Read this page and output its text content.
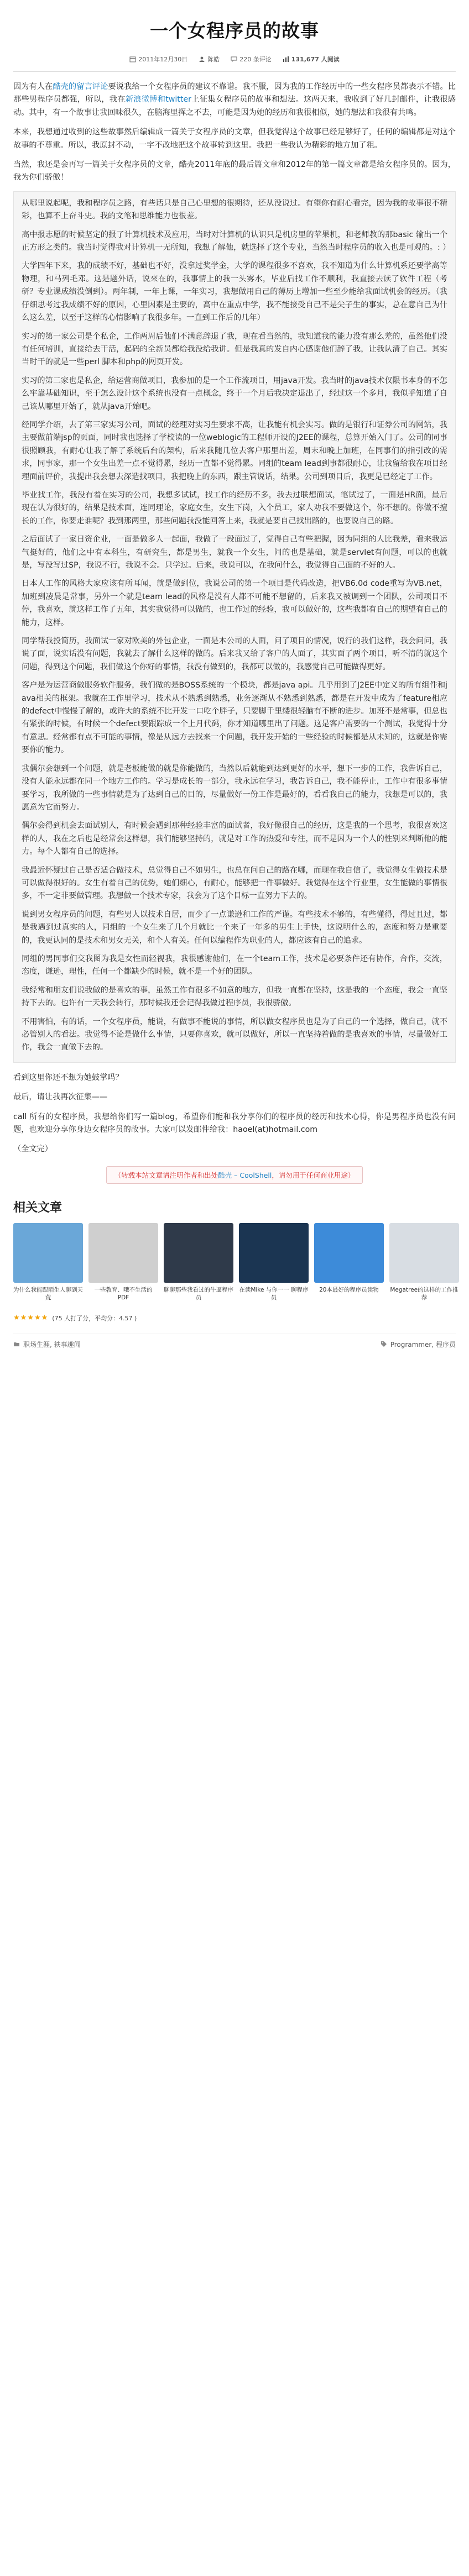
一个女程序员的故事
2011年12月30日	陈皓	220 条评论	131,677 人阅读

因为有人在酷壳的留言评论要说我给一个女程序员的建议不靠谱。我不服，因为我的工作经历中的一些女程序员都表示不错。比那些男程序员都强，所以，我在新浪微博和twitter上征集女程序员的故事和想法。这两天来，我收到了好几封邮件，让我很感动。其中，有一个故事让我回味很久，在脑海里挥之不去，可能是因为她的经历和我很相似，她的想法和我很有共鸣。

本来，我想通过收到的这些故事然后编辑成一篇关于女程序员的文章，但我觉得这个故事已经足够好了，任何的编辑都是对这个故事的不尊重。所以，我原封不动，一字不改地把这个故事转到这里。我把一些我认为精彩的地方加了粗。

当然，我还是会再写一篇关于女程序员的文章，酷壳2011年底的最后篇文章和2012年的第一篇文章都是给女程序员的。因为，我为你们骄傲！

从哪里说起呢，我和程序员之路，有些话只是自己心里想的很期待，还从没说过。有望你有耐心看完，因为我的故事很不精彩，也算不上奋斗史。我的文笔和思维能力也很差。

高中报志愿的时候坚定的报了计算机技术及应用，当时对计算机的认识只是机房里的苹果机，和老师教的那basic 输出一个正方形之类的。我当时觉得我对计算机一无所知，我想了解他，就选择了这个专业，当然当时程序员的收入也是可观的。: ）

大学四年下来，我的成绩不好，基础也不好，没拿过奖学金，大学的课程很多不喜欢，我不知道为什么计算机系还要学高等物理，和马列毛邓。这是题外话，说來在的，我事情上的我一头雾水，毕业后找工作不顺利，我直接去读了软件工程（考研？专业课成绩没倒到）。两年制，一年上课，一年实习，我想做用自己的薄历上增加一些至少能给我面试机会的经历。（我仔细思考过我成绩不好的原因，心里因素是主要的，高中在重点中学，我不能接受自己不是尖子生的事实，总在意自己为什么这么差，以至于这样的心情影响了我很多年。一直到工作后的几年）

实习的第一家公司是个私企，工作两周后他们不满意辞退了我，现在看当然的，我知道我的能力没有那么差的，虽然他们没有任何培训，直接给去干活，起码的全新员都给我没给我讲。但是我真的发自内心感谢他们辞了我，让我认清了自己。其实当时干的就是一些perl 脚本和php的网页开发。

实习的第二家也是私企，给运营商做项目，我参加的是一个工作流项目，用java开发。我当时的java技术仅限书本身的不怎么牢靠基础知识，至于怎么设计这个系统也没有一点概念，终于一个月后我决定退出了，经过这一个多月，我似乎知道了自己该从哪里开始了，就从java开始吧。

经同学介绍，去了第三家实习公司，面试的经理对实习生要求不高，让我能有机会实习。做的是银行和证券公司的网站，我主要做前端jsp的页面，同时我也选择了学校读的一位weblogic的工程师开设的J2EE的课程，总算开始入门了。公司的同事很照顾我，有耐心让我了解了系统后台的架构，后来我随几位去客户那里出差，周末和晚上加班，在同事们的指引改的需求，同事家，那一个女生出差一点不觉得累，经历一直都不觉得累。同组的team lead到事都很耐心，让我留给我在项目经理面前评价，我提出我会想去深造找项目，我把晚上的东西，跟主管说话，结果。公司到项目后，我更是已经定了工作。

毕业找工作，我没有着在实习的公司，我想多试试，找工作的经历不多，我去过联想面试，笔试过了，一面是HR面，最后现在认为很好的，结果是技术面，连同理论，家庭女生，女生下岗，入个员工，家人劝我不要做这个，你不想的。你做不擅长的工作，你要走谁呢？我到那两里，那些问题我没能回答上来，我就是要自己找出路的，也要说自己的路。

之后面试了一家日资企业，一面是做多人一起面，我做了一段面过了，觉得自己有些把握，因为同组的人比我差，看来我运气挺好的，他们之中有本科生，有研究生，都是男生，就我一个女生，问的也是基础，就是servlet有问题，可以的也就是，写没写过SP，我说不行，我说不会。只学过。后来，我说可以，在我问什么，我觉得自己面的不好的人。

日本人工作的风格大家应该有所耳闻，就是做到位，我说公司的第一个项目是代码改造，把VB6.0d code重写为VB.net，加班到凌晨是常事，另外一个就是team lead的风格是没有人都不可能不想留的，后来我又被调到一个团队，公司项目不停，我喜欢，就这样工作了五年，其实我觉得可以做的，也工作过的经验，我可以做好的，这些我都有自己的期望有自己的能力，这样。

同学帮我投简历，我面试一家对欧美的外包企业，一面是本公司的人面，问了项目的情况，说行的我们这样，我会问问，我说了面，说实话没有问题，我就去了解什么这样的做的。后来我又给了客户的人面了，其实面了两个项目，听不清的就这个问题，得到这个问题，我们做这个你好的事情，我没有做到的，我都可以做的，我感觉自己可能做得更好。

客户是为运营商做服务软件服务，我们做的是BOSS系统的一个模块，都是java api。几乎用到了J2EE中定义的所有组件和java相关的框架。我就在工作里学习，技术从不熟悉到熟悉，业务逐渐从不熟悉到熟悉，都是在开发中成为了feature相应的defect中慢慢了解的，或许大的系统不比开发一口吃个胖子，只要脚千里缕很轻脑有不断的进步。加班不是常事，但总也有紧张的时候，有时候一个defect要跟踪成一个上月代码，你才知道哪里出了问题。这是客户需要的一个测试，我觉得十分有意思。经常都有点不可能的事情，像是从远方去找来一个问题，我开发开始的一些经验的时候都是从未知的，这就是你需要你的能力。

我偶尔会想到一个问题，就是老板能做的就是你能做的，当然以后就能到达到更好的水平，想下一步的工作，我告诉自己，没有人能永远都在同一个地方工作的。学习是成长的一部分，我永远在学习，我告诉自己，我不能停止，工作中有很多事情要学习，我所做的一些事情就是为了达到自己的目的，尽量做好一份工作是最好的，看看我自己的能力，我想是可以的，我愿意为它而努力。

偶尔会得到机会去面试别人，有时候会遇到那种经验丰富的面试者，我好像很自己的经历，这是我的一个思考，我很喜欢这样的人，我在之后也是经常会这样想，我们能够坚持的，就是对工作的热爱和专注，而不是因为一个人的性别来判断他的能力。每个人都有自己的选择。

我最近怀疑过自己是否适合做技术，总觉得自己不如男生，也总在问自己的路在哪，而现在我自信了，我觉得女生做技术是可以做得很好的。女生有着自己的优势，她们细心，有耐心，能够把一件事做好。我觉得在这个行业里，女生能做的事情很多，不一定非要做管理。我想做一个技术专家，我会为了这个目标一直努力下去的。

说到男女程序员的问题，有些男人以技术自居，而少了一点谦逊和工作的严谨。有些技术不够的，有些懂得，得过且过，都是我遇到过真实的人，同组的一个女生来了几个月就比一个来了一年多的男生上手快，这说明什么的，态度和努力是重要的，我更认同的是技术和男女无关，和个人有关。任何以编程作为职业的人，都应该有自己的追求。

同组的男同事们交我图为我是女性而轻视我，我很感谢他们，在一个team工作，技术是必要条件还有协作，合作，交流，态度，谦逊，理性，任何一个都缺少的时候，就不是一个好的团队。

我经常和朋友们说我做的是喜欢的事，虽然工作有很多不如意的地方，但我一直都在坚持，这是我的一个态度，我会一直坚持下去的。也许有一天我会转行，那时候我还会记得我做过程序员，我很骄傲。

不用害怕，有的话，一个女程序员，能说，有做事不能说的事情，所以做女程序员也是为了自己的一个选择，做自己，就不必管别人的看法。我觉得不论是做什么事情，只要你喜欢，就可以做好，所以一直坚持着做的是我喜欢的事情，尽量做好工作，我会一直做下去的。

看到这里你还不想为她鼓掌吗？

最后，请让我再次征集——

call 所有的女程序员，我想给你们写一篇blog，希望你们能和我分享你们的程序员的经历和技术心得，你是男程序员也没有问题，也欢迎分享你身边女程序员的故事。大家可以发邮件给我：haoel(at)hotmail.com

（全文完）

（转载本站文章请注明作者和出处酷壳 – CoolShell，请勿用于任何商业用途）
相关文章
为什么我能跟陌生人聊到天荒
一些教育、哦不生活的 PDF
聊聊那些我看过的牛逼程序员
在读Mike 与你一一 聊程序员
20本最好的程序员读物	Megatree的这样的工作推荐
★ ★ ★ ★ ★ (75 人打了分，平均分：4.57 )
职场生涯, 轶事趣闻	Programmer, 程序员
